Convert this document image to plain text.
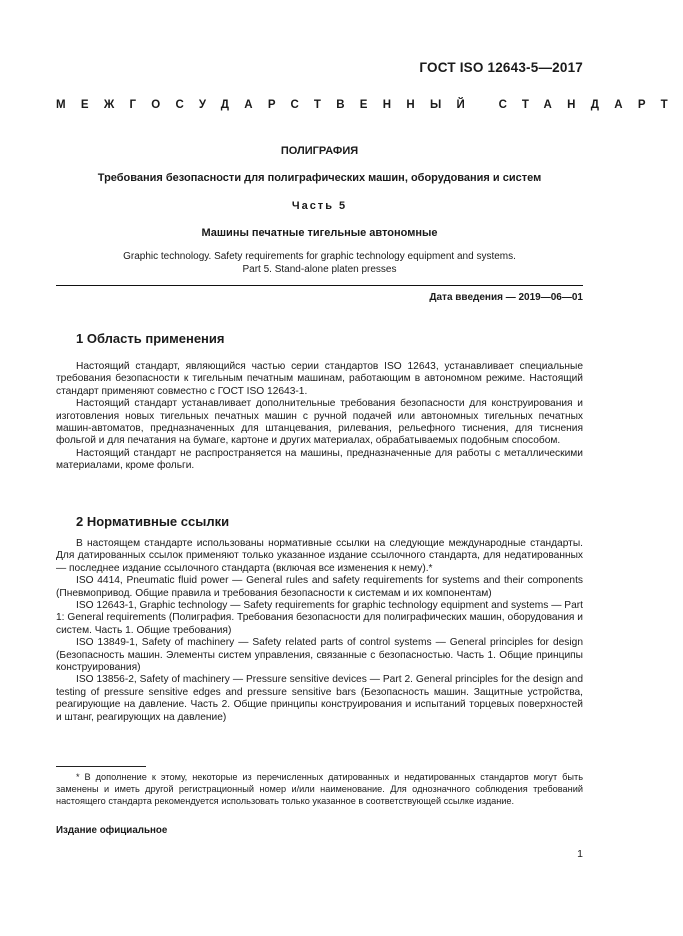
ГОСТ ISO 12643-5—2017
МЕЖГОСУДАРСТВЕННЫЙ СТАНДАРТ
ПОЛИГРАФИЯ
Требования безопасности для полиграфических машин, оборудования и систем
Часть 5
Машины печатные тигельные автономные
Graphic technology. Safety requirements for graphic technology equipment and systems.
Part 5. Stand-alone platen presses
Дата введения — 2019—06—01
1 Область применения

Настоящий стандарт, являющийся частью серии стандартов ISO 12643, устанавливает специальные требования безопасности к тигельным печатным машинам, работающим в автономном режиме. Настоящий стандарт применяют совместно с ГОСТ ISO 12643-1.

Настоящий стандарт устанавливает дополнительные требования безопасности для конструирования и изготовления новых тигельных печатных машин с ручной подачей или автономных тигельных печатных машин-автоматов, предназначенных для штанцевания, рилевания, рельефного тиснения, для тиснения фольгой и для печатания на бумаге, картоне и других материалах, обрабатываемых подобным способом.

Настоящий стандарт не распространяется на машины, предназначенные для работы с металлическими материалами, кроме фольги.

2 Нормативные ссылки

В настоящем стандарте использованы нормативные ссылки на следующие международные стандарты. Для датированных ссылок применяют только указанное издание ссылочного стандарта, для недатированных — последнее издание ссылочного стандарта (включая все изменения к нему).*

ISO 4414, Pneumatic fluid power — General rules and safety requirements for systems and their components (Пневмопривод. Общие правила и требования безопасности к системам и их компонентам)

ISO 12643-1, Graphic technology — Safety requirements for graphic technology equipment and systems — Part 1: General requirements (Полиграфия. Требования безопасности для полиграфических машин, оборудования и систем. Часть 1. Общие требования)

ISO 13849-1, Safety of machinery — Safety related parts of control systems — General principles for design (Безопасность машин. Элементы систем управления, связанные с безопасностью. Часть 1. Общие принципы конструирования)

ISO 13856-2, Safety of machinery — Pressure sensitive devices — Part 2. General principles for the design and testing of pressure sensitive edges and pressure sensitive bars (Безопасность машин. Защитные устройства, реагирующие на давление. Часть 2. Общие принципы конструирования и испытаний торцевых поверхностей и штанг, реагирующих на давление)

* В дополнение к этому, некоторые из перечисленных датированных и недатированных стандартов могут быть заменены и иметь другой регистрационный номер и/или наименование. Для однозначного соблюдения требований настоящего стандарта рекомендуется использовать только указанное в соответствующей ссылке издание.
Издание официальное
1
